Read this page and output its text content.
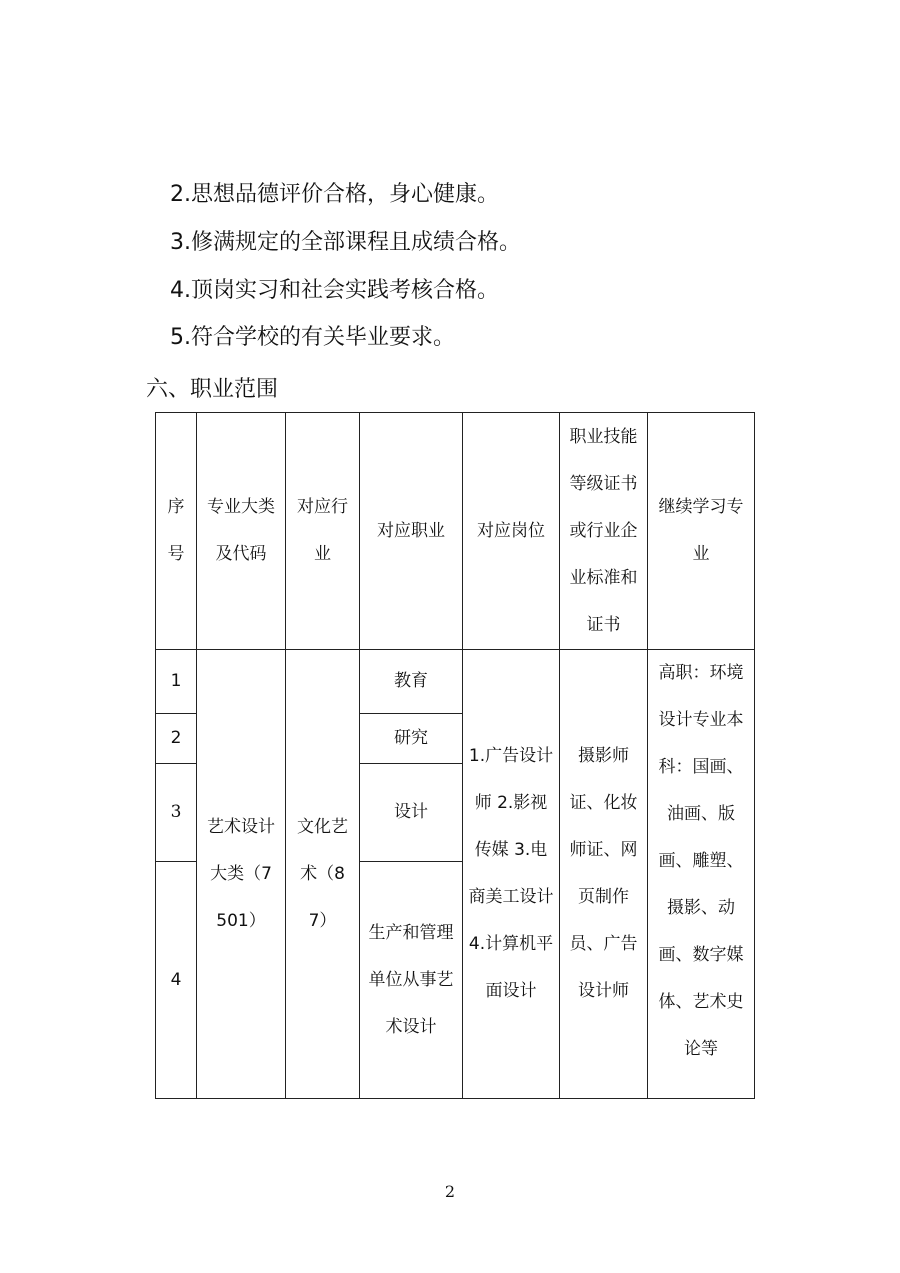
2.思想品德评价合格，身心健康。
3.修满规定的全部课程且成绩合格。
4.顶岗实习和社会实践考核合格。
5.符合学校的有关毕业要求。
六、职业范围
序号	专业大类及代码	对应行业	对应职业	对应岗位	职业技能等级证书或行业企业标准和证书	继续学习专业
1	艺术设计大类（7501）	文化艺术（87）	教育	1.广告设计师 2.影视传媒 3.电商美工设计 4.计算机平面设计	摄影师证、化妆师证、网页制作员、广告设计师	高职：环境设计专业本科：国画、油画、版画、雕塑、摄影、动画、数字媒体、艺术史论等
2			研究			
3			设计			
4			生产和管理单位从事艺术设计			
2
